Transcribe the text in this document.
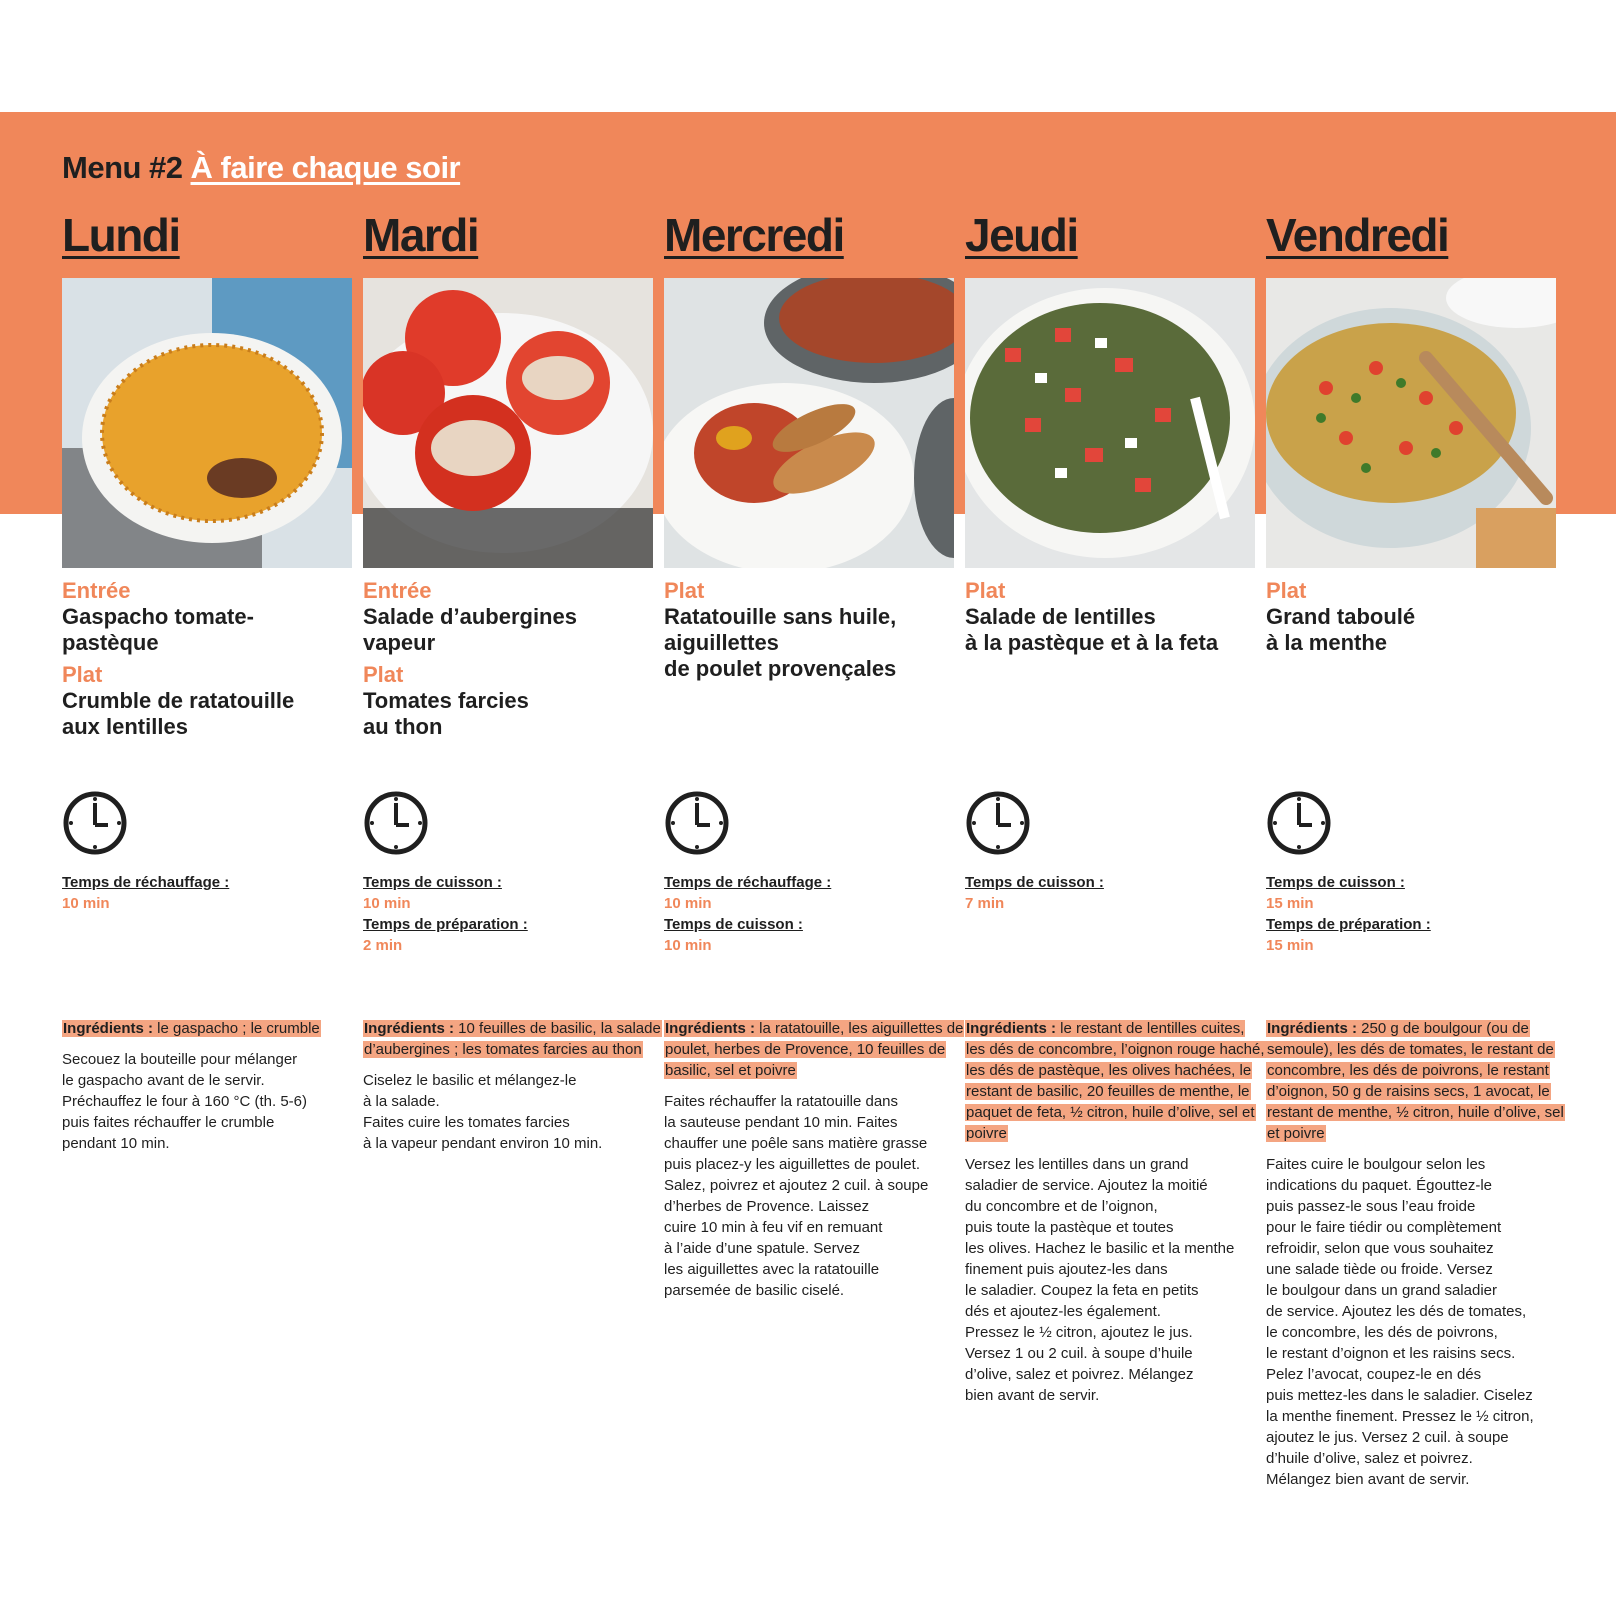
Menu #2 À faire chaque soir
Lundi
Entrée
Gaspacho tomate-
pastèque
Plat
Crumble de ratatouille
aux lentilles
Temps de réchauffage :
10 min
Ingrédients : le gaspacho ; le crumble
Secouez la bouteille pour mélanger
le gaspacho avant de le servir.
Préchauffez le four à 160 °C (th. 5-6)
puis faites réchauffer le crumble
pendant 10 min.
Mardi
Entrée
Salade d’aubergines
vapeur
Plat
Tomates farcies
au thon
Temps de cuisson :
10 min
Temps de préparation :
2 min
Ingrédients : 10 feuilles de basilic, la salade d’aubergines ; les tomates farcies au thon
Ciselez le basilic et mélangez-le
à la salade.
Faites cuire les tomates farcies
à la vapeur pendant environ 10 min.
Mercredi
Plat
Ratatouille sans huile,
aiguillettes
de poulet provençales
Temps de réchauffage :
10 min
Temps de cuisson :
10 min
Ingrédients : la ratatouille, les aiguillettes de poulet, herbes de Provence, 10 feuilles de basilic, sel et poivre
Faites réchauffer la ratatouille dans
la sauteuse pendant 10 min. Faites
chauffer une poêle sans matière grasse
puis placez-y les aiguillettes de poulet.
Salez, poivrez et ajoutez 2 cuil. à soupe
d’herbes de Provence. Laissez
cuire 10 min à feu vif en remuant
à l’aide d’une spatule. Servez
les aiguillettes avec la ratatouille
parsemée de basilic ciselé.
Jeudi
Plat
Salade de lentilles
à la pastèque et à la feta
Temps de cuisson :
7 min
Ingrédients : le restant de lentilles cuites, les dés de concombre, l’oignon rouge haché, les dés de pastèque, les olives hachées, le restant de basilic, 20 feuilles de menthe, le paquet de feta, ½ citron, huile d’olive, sel et poivre
Versez les lentilles dans un grand
saladier de service. Ajoutez la moitié
du concombre et de l’oignon,
puis toute la pastèque et toutes
les olives. Hachez le basilic et la menthe
finement puis ajoutez-les dans
le saladier. Coupez la feta en petits
dés et ajoutez-les également.
Pressez le ½ citron, ajoutez le jus.
Versez 1 ou 2 cuil. à soupe d’huile
d’olive, salez et poivrez. Mélangez
bien avant de servir.
Vendredi
Plat
Grand taboulé
à la menthe
Temps de cuisson :
15 min
Temps de préparation :
15 min
Ingrédients : 250 g de boulgour (ou de semoule), les dés de tomates, le restant de concombre, les dés de poivrons, le restant d’oignon, 50 g de raisins secs, 1 avocat, le restant de menthe, ½ citron, huile d’olive, sel et poivre
Faites cuire le boulgour selon les
indications du paquet. Égouttez-le
puis passez-le sous l’eau froide
pour le faire tiédir ou complètement
refroidir, selon que vous souhaitez
une salade tiède ou froide. Versez
le boulgour dans un grand saladier
de service. Ajoutez les dés de tomates,
le concombre, les dés de poivrons,
le restant d’oignon et les raisins secs.
Pelez l’avocat, coupez-le en dés
puis mettez-les dans le saladier. Ciselez
la menthe finement. Pressez le ½ citron,
ajoutez le jus. Versez 2 cuil. à soupe
d’huile d’olive, salez et poivrez.
Mélangez bien avant de servir.
